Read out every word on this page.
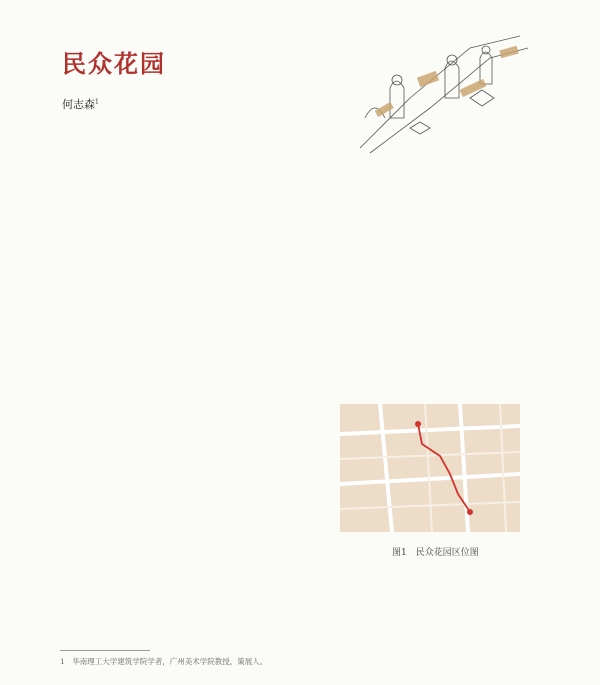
民众花园
何志森$^1$

图1　民众花园区位图

1　华南理工大学建筑学院学者，广州美术学院教授，策展人。
